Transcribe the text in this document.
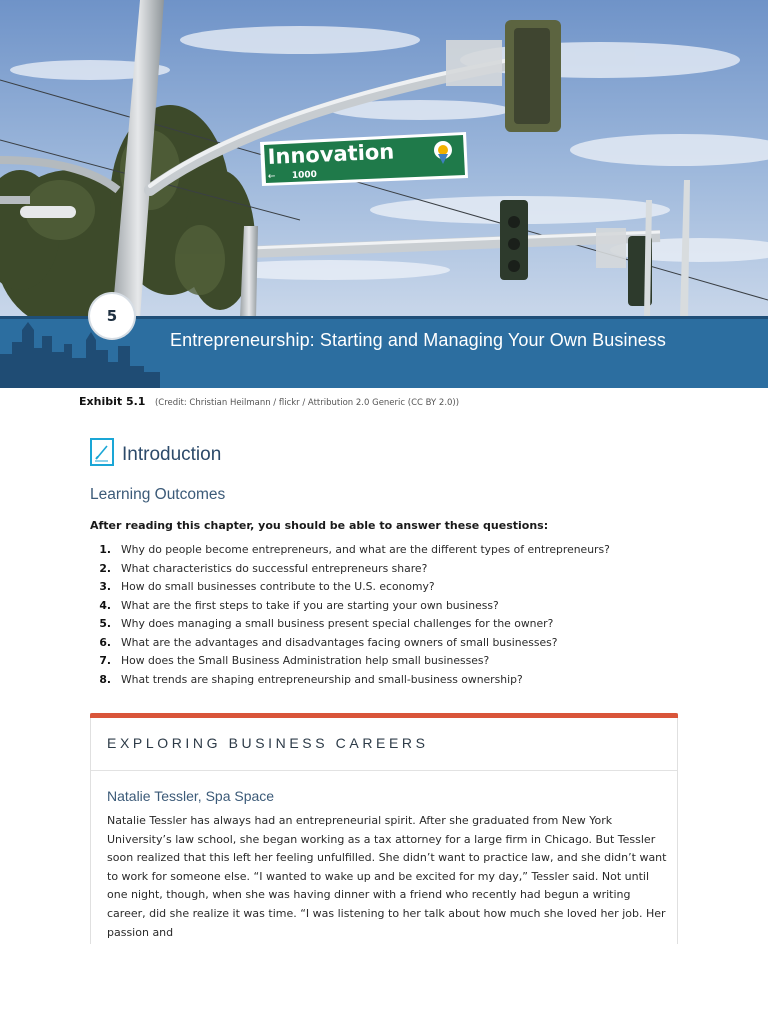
Innovation
1000
←
Entrepreneurship: Starting and Managing Your Own Business
5
Exhibit 5.1 (Credit: Christian Heilmann / flickr / Attribution 2.0 Generic (CC BY 2.0))
Introduction
Learning Outcomes
After reading this chapter, you should be able to answer these questions:
1. Why do people become entrepreneurs, and what are the different types of entrepreneurs?
2. What characteristics do successful entrepreneurs share?
3. How do small businesses contribute to the U.S. economy?
4. What are the first steps to take if you are starting your own business?
5. Why does managing a small business present special challenges for the owner?
6. What are the advantages and disadvantages facing owners of small businesses?
7. How does the Small Business Administration help small businesses?
8. What trends are shaping entrepreneurship and small-business ownership?
EXPLORING BUSINESS CAREERS
Natalie Tessler, Spa Space

Natalie Tessler has always had an entrepreneurial spirit. After she graduated from New York University’s law school, she began working as a tax attorney for a large firm in Chicago. But Tessler soon realized that this left her feeling unfulfilled. She didn’t want to practice law, and she didn’t want to work for someone else. “I wanted to wake up and be excited for my day,” Tessler said. Not until one night, though, when she was having dinner with a friend who recently had begun a writing career, did she realize it was time. “I was listening to her talk about how much she loved her job. Her passion and
